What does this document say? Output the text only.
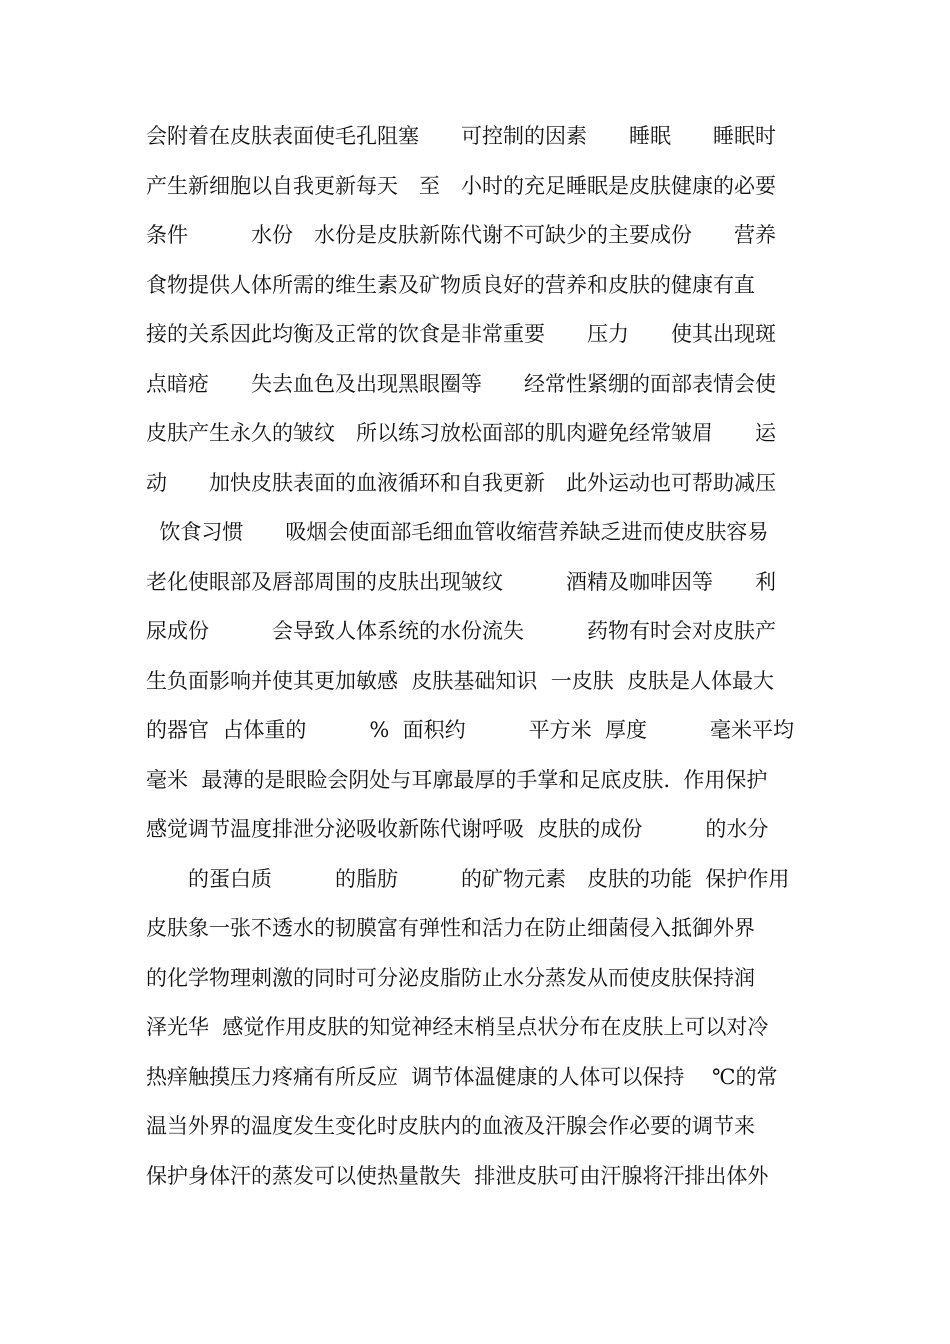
会附着在皮肤表面使毛孔阻塞　　可控制的因素　　睡眠　　睡眠时
产生新细胞以自我更新每天　至　小时的充足睡眠是皮肤健康的必要
条件　　　水份　水份是皮肤新陈代谢不可缺少的主要成份　　营养
食物提供人体所需的维生素及矿物质良好的营养和皮肤的健康有直
接的关系因此均衡及正常的饮食是非常重要　　压力　　使其出现斑
点暗疮　　失去血色及出现黑眼圈等　　经常性紧绷的面部表情会使
皮肤产生永久的皱纹　所以练习放松面部的肌肉避免经常皱眉　　运
动　　加快皮肤表面的血液循环和自我更新　此外运动也可帮助减压
饮食习惯　　吸烟会使面部毛细血管收缩营养缺乏进而使皮肤容易
老化使眼部及唇部周围的皮肤出现皱纹　　　酒精及咖啡因等　　利
尿成份　　　会导致人体系统的水份流失　　　药物有时会对皮肤产
生负面影响并使其更加敏感  皮肤基础知识  一皮肤  皮肤是人体最大
的器官  占体重的　　　%  面积约　　　平方米  厚度　　　毫米平均
毫米  最薄的是眼睑会阴处与耳廓最厚的手掌和足底皮肤.  作用保护
感觉调节温度排泄分泌吸收新陈代谢呼吸  皮肤的成份　　　的水分
　　的蛋白质　　　的脂肪　　　的矿物元素　皮肤的功能  保护作用
皮肤象一张不透水的韧膜富有弹性和活力在防止细菌侵入抵御外界
的化学物理刺激的同时可分泌皮脂防止水分蒸发从而使皮肤保持润
泽光华  感觉作用皮肤的知觉神经末梢呈点状分布在皮肤上可以对冷
热痒触摸压力疼痛有所反应  调节体温健康的人体可以保持　 ℃的常
温当外界的温度发生变化时皮肤内的血液及汗腺会作必要的调节来
保护身体汗的蒸发可以使热量散失  排泄皮肤可由汗腺将汗排出体外
